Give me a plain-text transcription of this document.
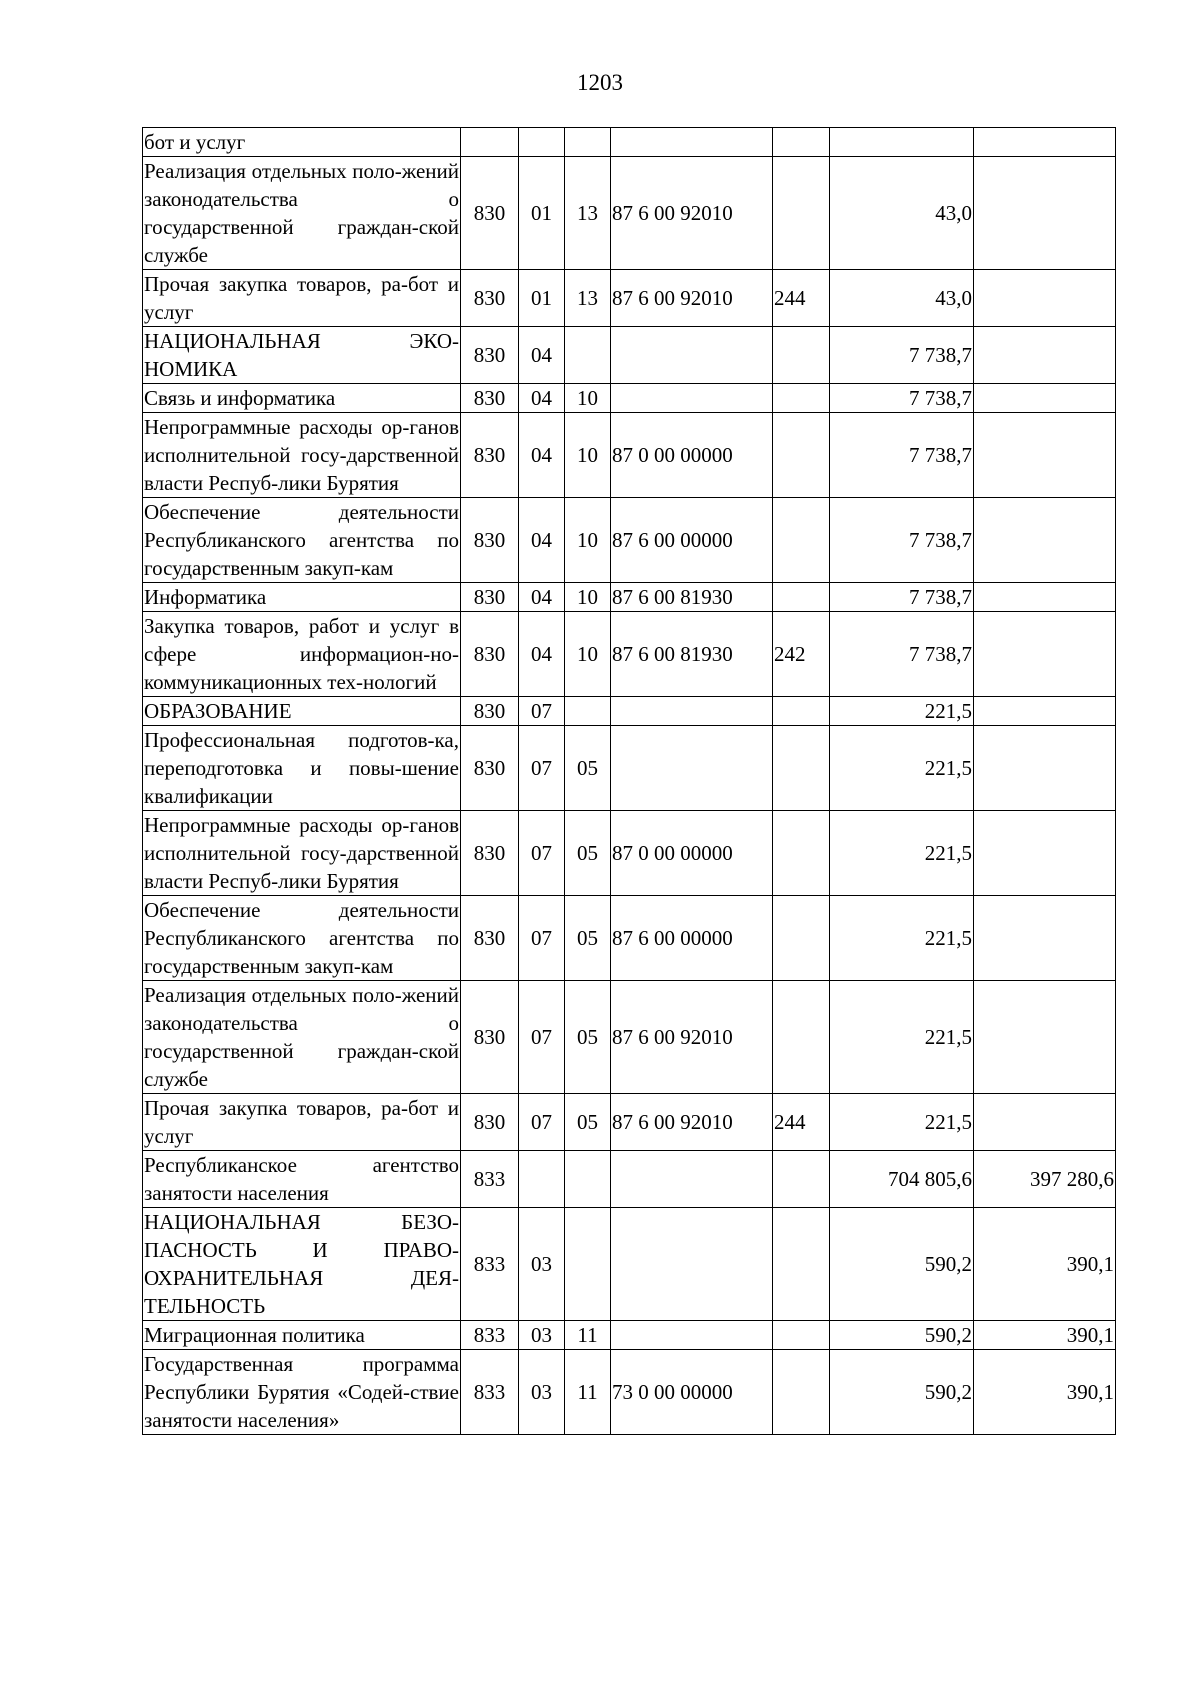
1203
бот и услуг							
Реализация отдельных поло-жений законодательства о государственной граждан-ской службе	830	01	13	87 6 00 92010		43,0	
Прочая закупка товаров, ра-бот и услуг	830	01	13	87 6 00 92010	244	43,0	
НАЦИОНАЛЬНАЯ ЭКО-НОМИКА	830	04				7 738,7	
Связь и информатика	830	04	10			7 738,7	
Непрограммные расходы ор-ганов исполнительной госу-дарственной власти Респуб-лики Бурятия	830	04	10	87 0 00 00000		7 738,7	
Обеспечение деятельности Республиканского агентства по государственным закуп-кам	830	04	10	87 6 00 00000		7 738,7	
Информатика	830	04	10	87 6 00 81930		7 738,7	
Закупка товаров, работ и услуг в сфере информацион-но-коммуникационных тех-нологий	830	04	10	87 6 00 81930	242	7 738,7	
ОБРАЗОВАНИЕ	830	07				221,5	
Профессиональная подготов-ка, переподготовка и повы-шение квалификации	830	07	05			221,5	
Непрограммные расходы ор-ганов исполнительной госу-дарственной власти Респуб-лики Бурятия	830	07	05	87 0 00 00000		221,5	
Обеспечение деятельности Республиканского агентства по государственным закуп-кам	830	07	05	87 6 00 00000		221,5	
Реализация отдельных поло-жений законодательства о государственной граждан-ской службе	830	07	05	87 6 00 92010		221,5	
Прочая закупка товаров, ра-бот и услуг	830	07	05	87 6 00 92010	244	221,5	
Республиканское агентство занятости населения	833					704 805,6	397 280,6
НАЦИОНАЛЬНАЯ БЕЗО-ПАСНОСТЬ И ПРАВО-ОХРАНИТЕЛЬНАЯ ДЕЯ-ТЕЛЬНОСТЬ	833	03				590,2	390,1
Миграционная политика	833	03	11			590,2	390,1
Государственная программа Республики Бурятия «Содей-ствие занятости населения»	833	03	11	73 0 00 00000		590,2	390,1
